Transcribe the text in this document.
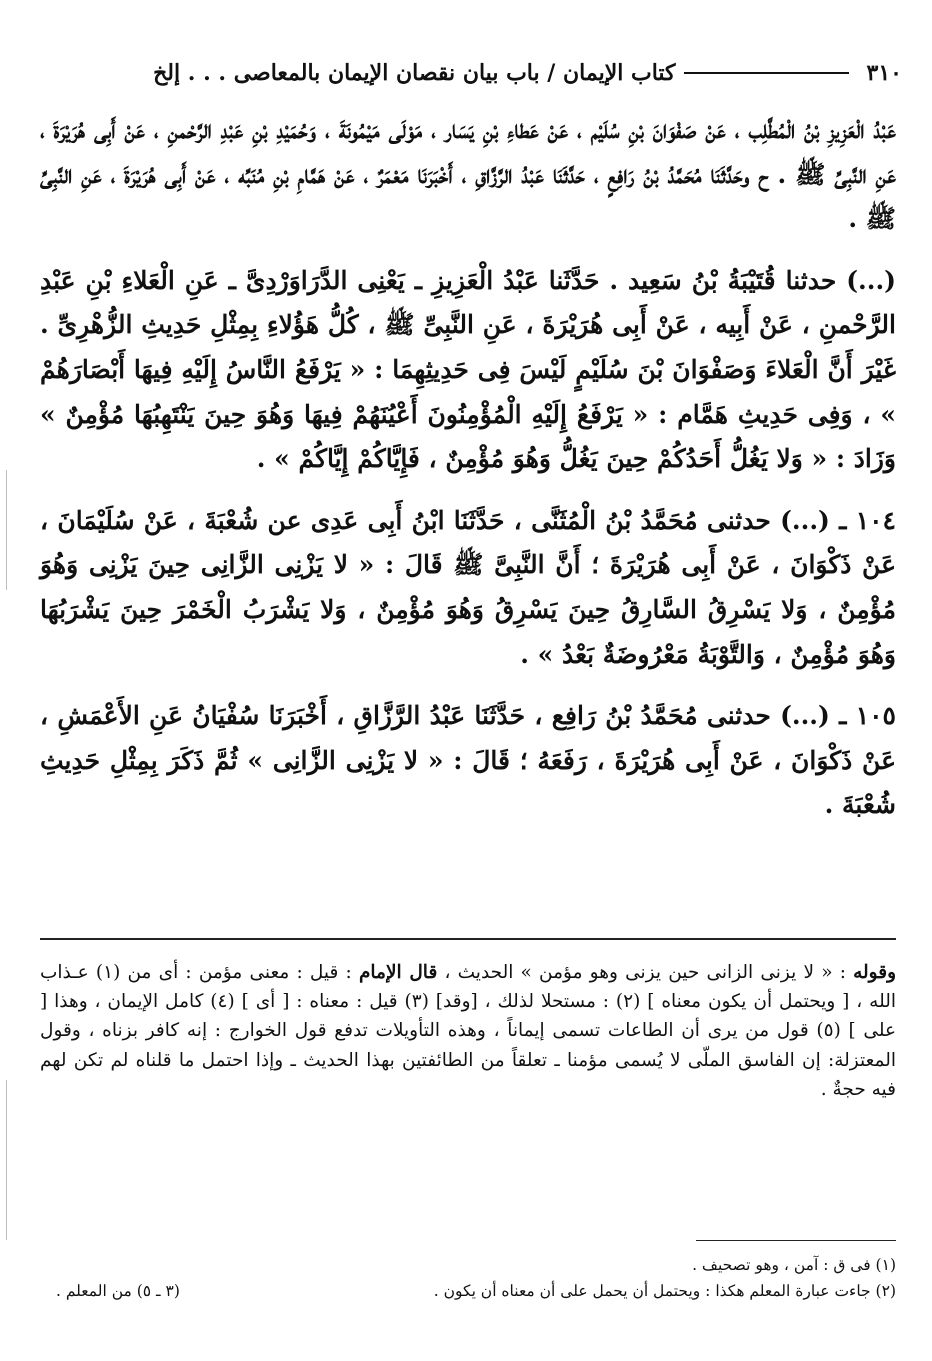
٣١٠
كتاب الإيمان / باب بيان نقصان الإيمان بالمعاصى . . . إلخ

عَبْدُ الْعَزِيزِ بْنُ الْمُطَّلِب ، عَنْ صَفْوَانَ بْنِ سُلَيْم ، عَنْ عَطاءِ بْنِ يَسَار ، مَوْلَى مَيْمُونَةَ ، وَحُمَيْدِ بْنِ عَبْدِ الرَّحْمنِ ، عَنْ أَبِى هُرَيْرَةَ ، عَنِ النَّبِىِّ ﷺ . ح وحَدَّثَنَا مُحَمَّدُ بْنُ رَافِعٍ ، حَدَّثَنَا عَبْدُ الرَّزَّاقِ ، أَخْبَرَنَا مَعْمَرٌ ، عَنْ هَمَّامِ بْنِ مُنَبِّه ، عَنْ أَبِى هُرَيْرَةَ ، عَنِ النَّبِىِّ ﷺ .

(...) حدثنا قُتَيْبَةُ بْنُ سَعِيد . حَدَّثَنا عَبْدُ الْعَزِيزِ ـ يَعْنِى الدَّرَاوَرْدِىَّ ـ عَنِ الْعَلاءِ بْنِ عَبْدِ الرَّحْمنِ ، عَنْ أَبِيه ، عَنْ أَبِى هُرَيْرَةَ ، عَنِ النَّبِىِّ ﷺ ، كُلُّ هَؤُلاءِ بِمِثْلِ حَدِيثِ الزُّهْرِىِّ . غَيْرَ أَنَّ الْعَلاءَ وَصَفْوَانَ بْنَ سُلَيْمٍ لَيْسَ فِى حَدِيثِهِمَا : « يَرْفَعُ النَّاسُ إِلَيْهِ فِيهَا أَبْصَارَهُمْ » ، وَفِى حَدِيثِ هَمَّام : « يَرْفَعُ إِلَيْهِ الْمُؤْمِنُونَ أَعْيُنَهُمْ فِيهَا وَهُوَ حِينَ يَنْتَهِبُهَا مُؤْمِنٌ » وَزَادَ : « وَلا يَغُلُّ أَحَدُكُمْ حِينَ يَغُلُّ وَهُوَ مُؤْمِنٌ ، فَإِيَّاكُمْ إِيَّاكُمْ » .

١٠٤ ـ (...) حدثنى مُحَمَّدُ بْنُ الْمُثَنَّى ، حَدَّثَنَا ابْنُ أَبِى عَدِى عن شُعْبَةَ ، عَنْ سُلَيْمَانَ ، عَنْ ذَكْوَانَ ، عَنْ أَبِى هُرَيْرَةَ ؛ أَنَّ النَّبِىَّ ﷺ قَالَ : « لا يَزْنِى الزَّانِى حِينَ يَزْنِى وَهُوَ مُؤْمِنٌ ، وَلا يَسْرِقُ السَّارِقُ حِينَ يَسْرِقُ وَهُوَ مُؤْمِنٌ ، وَلا يَشْرَبُ الْخَمْرَ حِينَ يَشْرَبُهَا وَهُوَ مُؤْمِنٌ ، وَالتَّوْبَةُ مَعْرُوضَةٌ بَعْدُ » .

١٠٥ ـ (...) حدثنى مُحَمَّدُ بْنُ رَافِع ، حَدَّثَنَا عَبْدُ الرَّزَّاقِ ، أَخْبَرَنَا سُفْيَانُ عَنِ الأَعْمَشِ ، عَنْ ذَكْوَانَ ، عَنْ أَبِى هُرَيْرَةَ ، رَفَعَهُ ؛ قَالَ : « لا يَزْنِى الزَّانِى » ثُمَّ ذَكَرَ بِمِثْلِ حَدِيثِ شُعْبَةَ .

وقوله : « لا يزنى الزانى حين يزنى وهو مؤمن » الحديث ، قال الإمام : قيل : معنى مؤمن : أى من (١) عـذاب الله ، [ ويحتمل أن يكون معناه ] (٢) : مستحلا لذلك ، [وقد] (٣) قيل : معناه : [ أى ] (٤) كامل الإيمان ، وهذا [ على ] (٥) قول من يرى أن الطاعات تسمى إيماناً ، وهذه التأويلات تدفع قول الخوارج : إنه كافر بزناه ، وقول المعتزلة: إن الفاسق الملّى لا يُسمى مؤمنا ـ تعلقاً من الطائفتين بهذا الحديث ـ وإذا احتمل ما قلناه لم تكن لهم فيه حجةٌ .

(١) فى ق : آمن ، وهو تصحيف .
(٢) جاءت عبارة المعلم هكذا : ويحتمل أن يحمل على أن معناه أن يكون .
(٣ ـ ٥) من المعلم .
